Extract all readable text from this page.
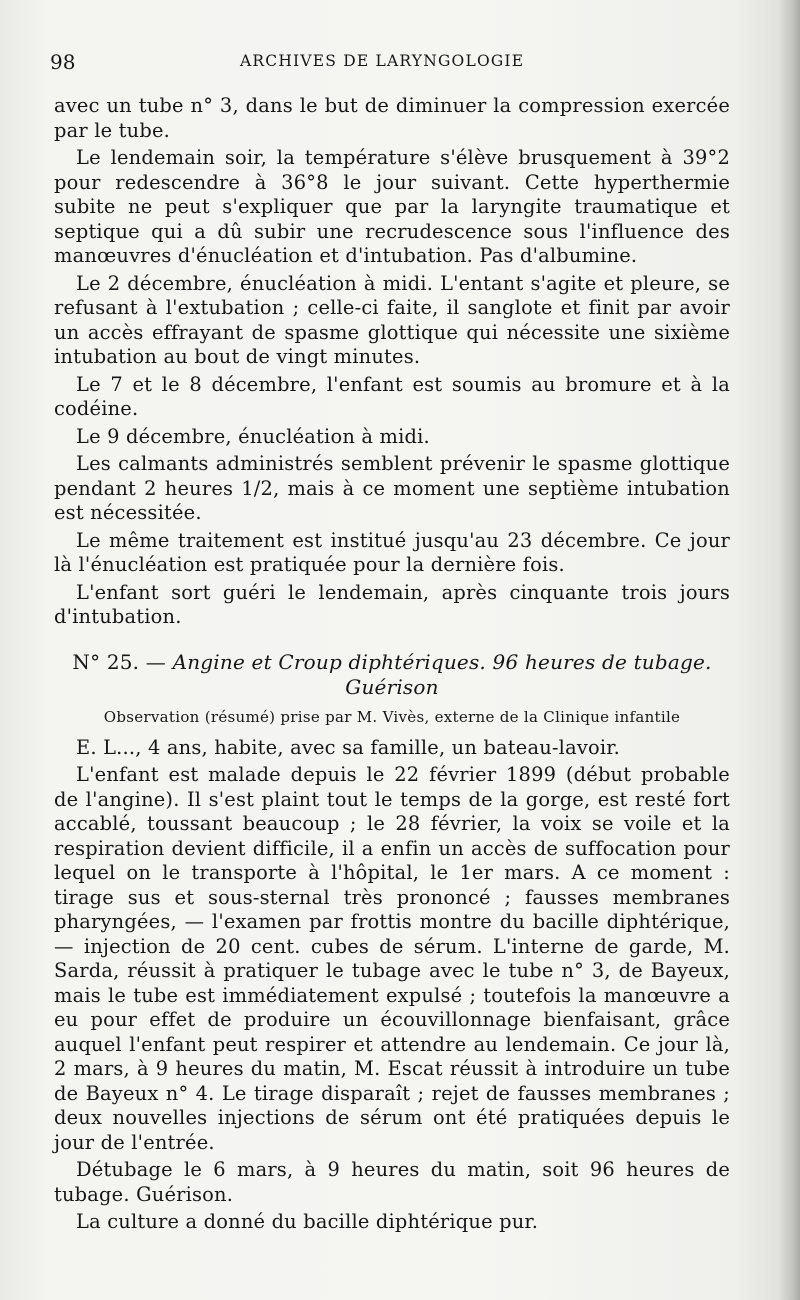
98	ARCHIVES DE LARYNGOLOGIE

avec un tube n° 3, dans le but de diminuer la compression exercée par le tube.

Le lendemain soir, la température s'élève brusquement à 39°2 pour redescendre à 36°8 le jour suivant. Cette hyperthermie subite ne peut s'expliquer que par la laryngite traumatique et septique qui a dû subir une recrudescence sous l'influence des manœuvres d'énucléation et d'intubation. Pas d'albumine.

Le 2 décembre, énucléation à midi. L'entant s'agite et pleure, se refusant à l'extubation ; celle-ci faite, il sanglote et finit par avoir un accès effrayant de spasme glottique qui nécessite une sixième intubation au bout de vingt minutes.

Le 7 et le 8 décembre, l'enfant est soumis au bromure et à la codéine.

Le 9 décembre, énucléation à midi.

Les calmants administrés semblent prévenir le spasme glottique pendant 2 heures 1/2, mais à ce moment une septième intubation est nécessitée.

Le même traitement est institué jusqu'au 23 décembre. Ce jour là l'énucléation est pratiquée pour la dernière fois.

L'enfant sort guéri le lendemain, après cinquante trois jours d'intubation.

N° 25. — Angine et Croup diphtériques. 96 heures de tubage.
Guérison
Observation (résumé) prise par M. Vivès, externe de la Clinique infantile

E. L..., 4 ans, habite, avec sa famille, un bateau-lavoir.

L'enfant est malade depuis le 22 février 1899 (début probable de l'angine). Il s'est plaint tout le temps de la gorge, est resté fort accablé, toussant beaucoup ; le 28 février, la voix se voile et la respiration devient difficile, il a enfin un accès de suffocation pour lequel on le transporte à l'hôpital, le 1er mars. A ce moment : tirage sus et sous-sternal très prononcé ; fausses membranes pharyngées, — l'examen par frottis montre du bacille diphtérique, — injection de 20 cent. cubes de sérum. L'interne de garde, M. Sarda, réussit à pratiquer le tubage avec le tube n° 3, de Bayeux, mais le tube est immédiatement expulsé ; toutefois la manœuvre a eu pour effet de produire un écouvillonnage bienfaisant, grâce auquel l'enfant peut respirer et attendre au lendemain. Ce jour là, 2 mars, à 9 heures du matin, M. Escat réussit à introduire un tube de Bayeux n° 4. Le tirage disparaît ; rejet de fausses membranes ; deux nouvelles injections de sérum ont été pratiquées depuis le jour de l'entrée.

Détubage le 6 mars, à 9 heures du matin, soit 96 heures de tubage. Guérison.

La culture a donné du bacille diphtérique pur.
